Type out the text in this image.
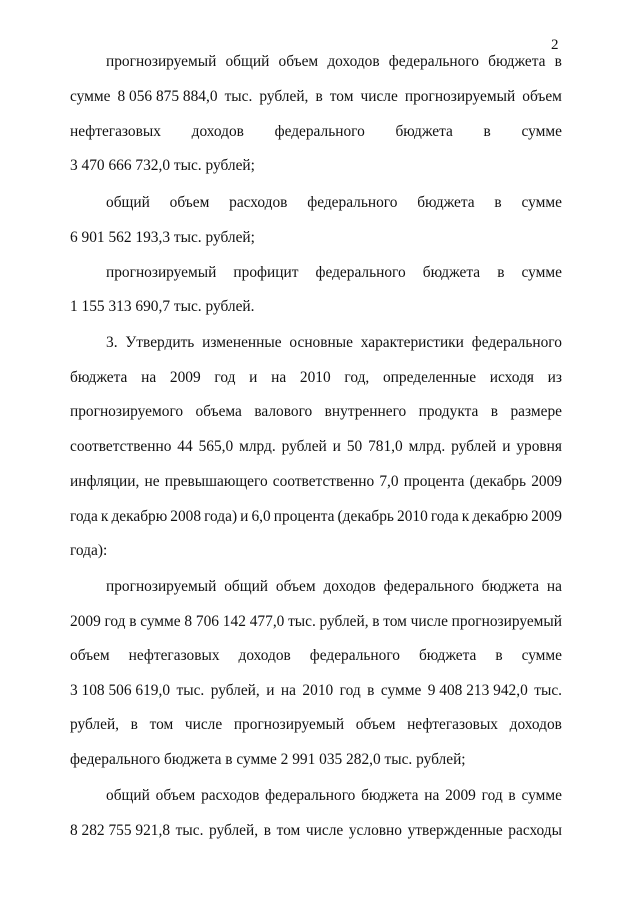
2
прогнозируемый общий объем доходов федерального бюджета в
сумме 8 056 875 884,0 тыс. рублей, в том числе прогнозируемый объем
нефтегазовых доходов федерального бюджета в сумме
3 470 666 732,0 тыс. рублей;
общий объем расходов федерального бюджета в сумме
6 901 562 193,3 тыс. рублей;
прогнозируемый профицит федерального бюджета в сумме
1 155 313 690,7 тыс. рублей.
3. Утвердить измененные основные характеристики федерального
бюджета на 2009 год и на 2010 год, определенные исходя из
прогнозируемого объема валового внутреннего продукта в размере
соответственно 44 565,0 млрд. рублей и 50 781,0 млрд. рублей и уровня
инфляции, не превышающего соответственно 7,0 процента (декабрь 2009
года к декабрю 2008 года) и 6,0 процента (декабрь 2010 года к декабрю 2009
года):
прогнозируемый общий объем доходов федерального бюджета на
2009 год в сумме 8 706 142 477,0 тыс. рублей, в том числе прогнозируемый
объем нефтегазовых доходов федерального бюджета в сумме
3 108 506 619,0 тыс. рублей, и на 2010 год в сумме 9 408 213 942,0 тыс.
рублей, в том числе прогнозируемый объем нефтегазовых доходов
федерального бюджета в сумме 2 991 035 282,0 тыс. рублей;
общий объем расходов федерального бюджета на 2009 год в сумме
8 282 755 921,8 тыс. рублей, в том числе условно утвержденные расходы
